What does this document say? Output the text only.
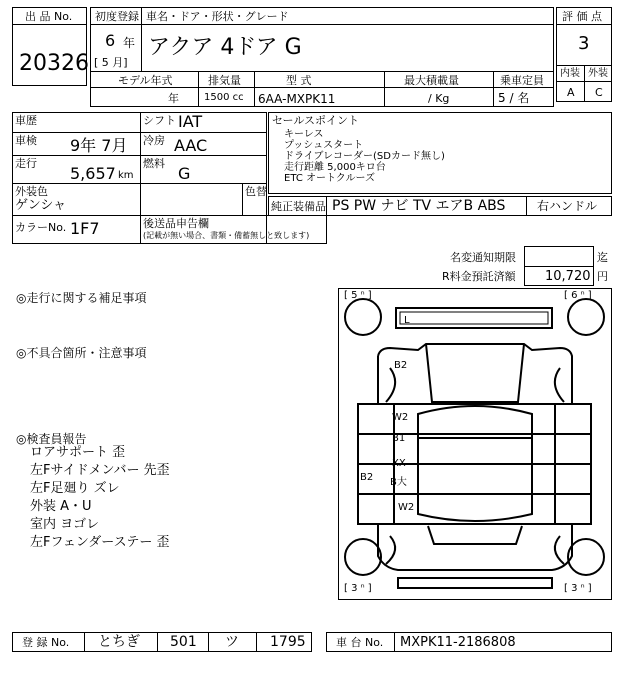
出 品 No.
20326
初度登録 車名・ドア・形状・グレード
6 年
[ 5 月]
アクア 4ドア G
評 価 点
3
内装 外装
A C
モデル年式
年
排気量
1500 cc
型 式
6AA-MXPK11
最大積載量
/ Kg
乗車定員
5 / 名
車歴	シフト IAT
車検 9年 7月 冷房 AAC
走行
5,657 km
燃料
G
外装色
ゲンシャ
色替
カラーNo. 1F7	後送品申告欄
(記載が無い場合、書類・備蓄無しと致します)
セールスポイント
キーレス
プッシュスタート
ドライブレコーダー(SDカード無し)
走行距離 5,000キロ台
ETC オートクルーズ
純正装備品 PS PW ナビ TV エアB ABS	右ハンドル
名変通知期限	迄
R料金預託済額 10,720 円
◎走行に関する補足事項
◎不具合箇所・注意事項
◎検査員報告
ロアサポート 歪
左Fサイドメンバー 先歪
左F足廻り ズレ
外装 A・U
室内 ヨゴレ
左Fフェンダーステー 歪
[ 5 ⁿ ]	[ 6 ⁿ ]
[ 3 ⁿ ]	[ 3 ⁿ ]
L
B2
W2
B1
XX
B大
B2
W2
登 録 No. とちぎ 501 ツ 1795	車 台 No. MXPK11-2186808
